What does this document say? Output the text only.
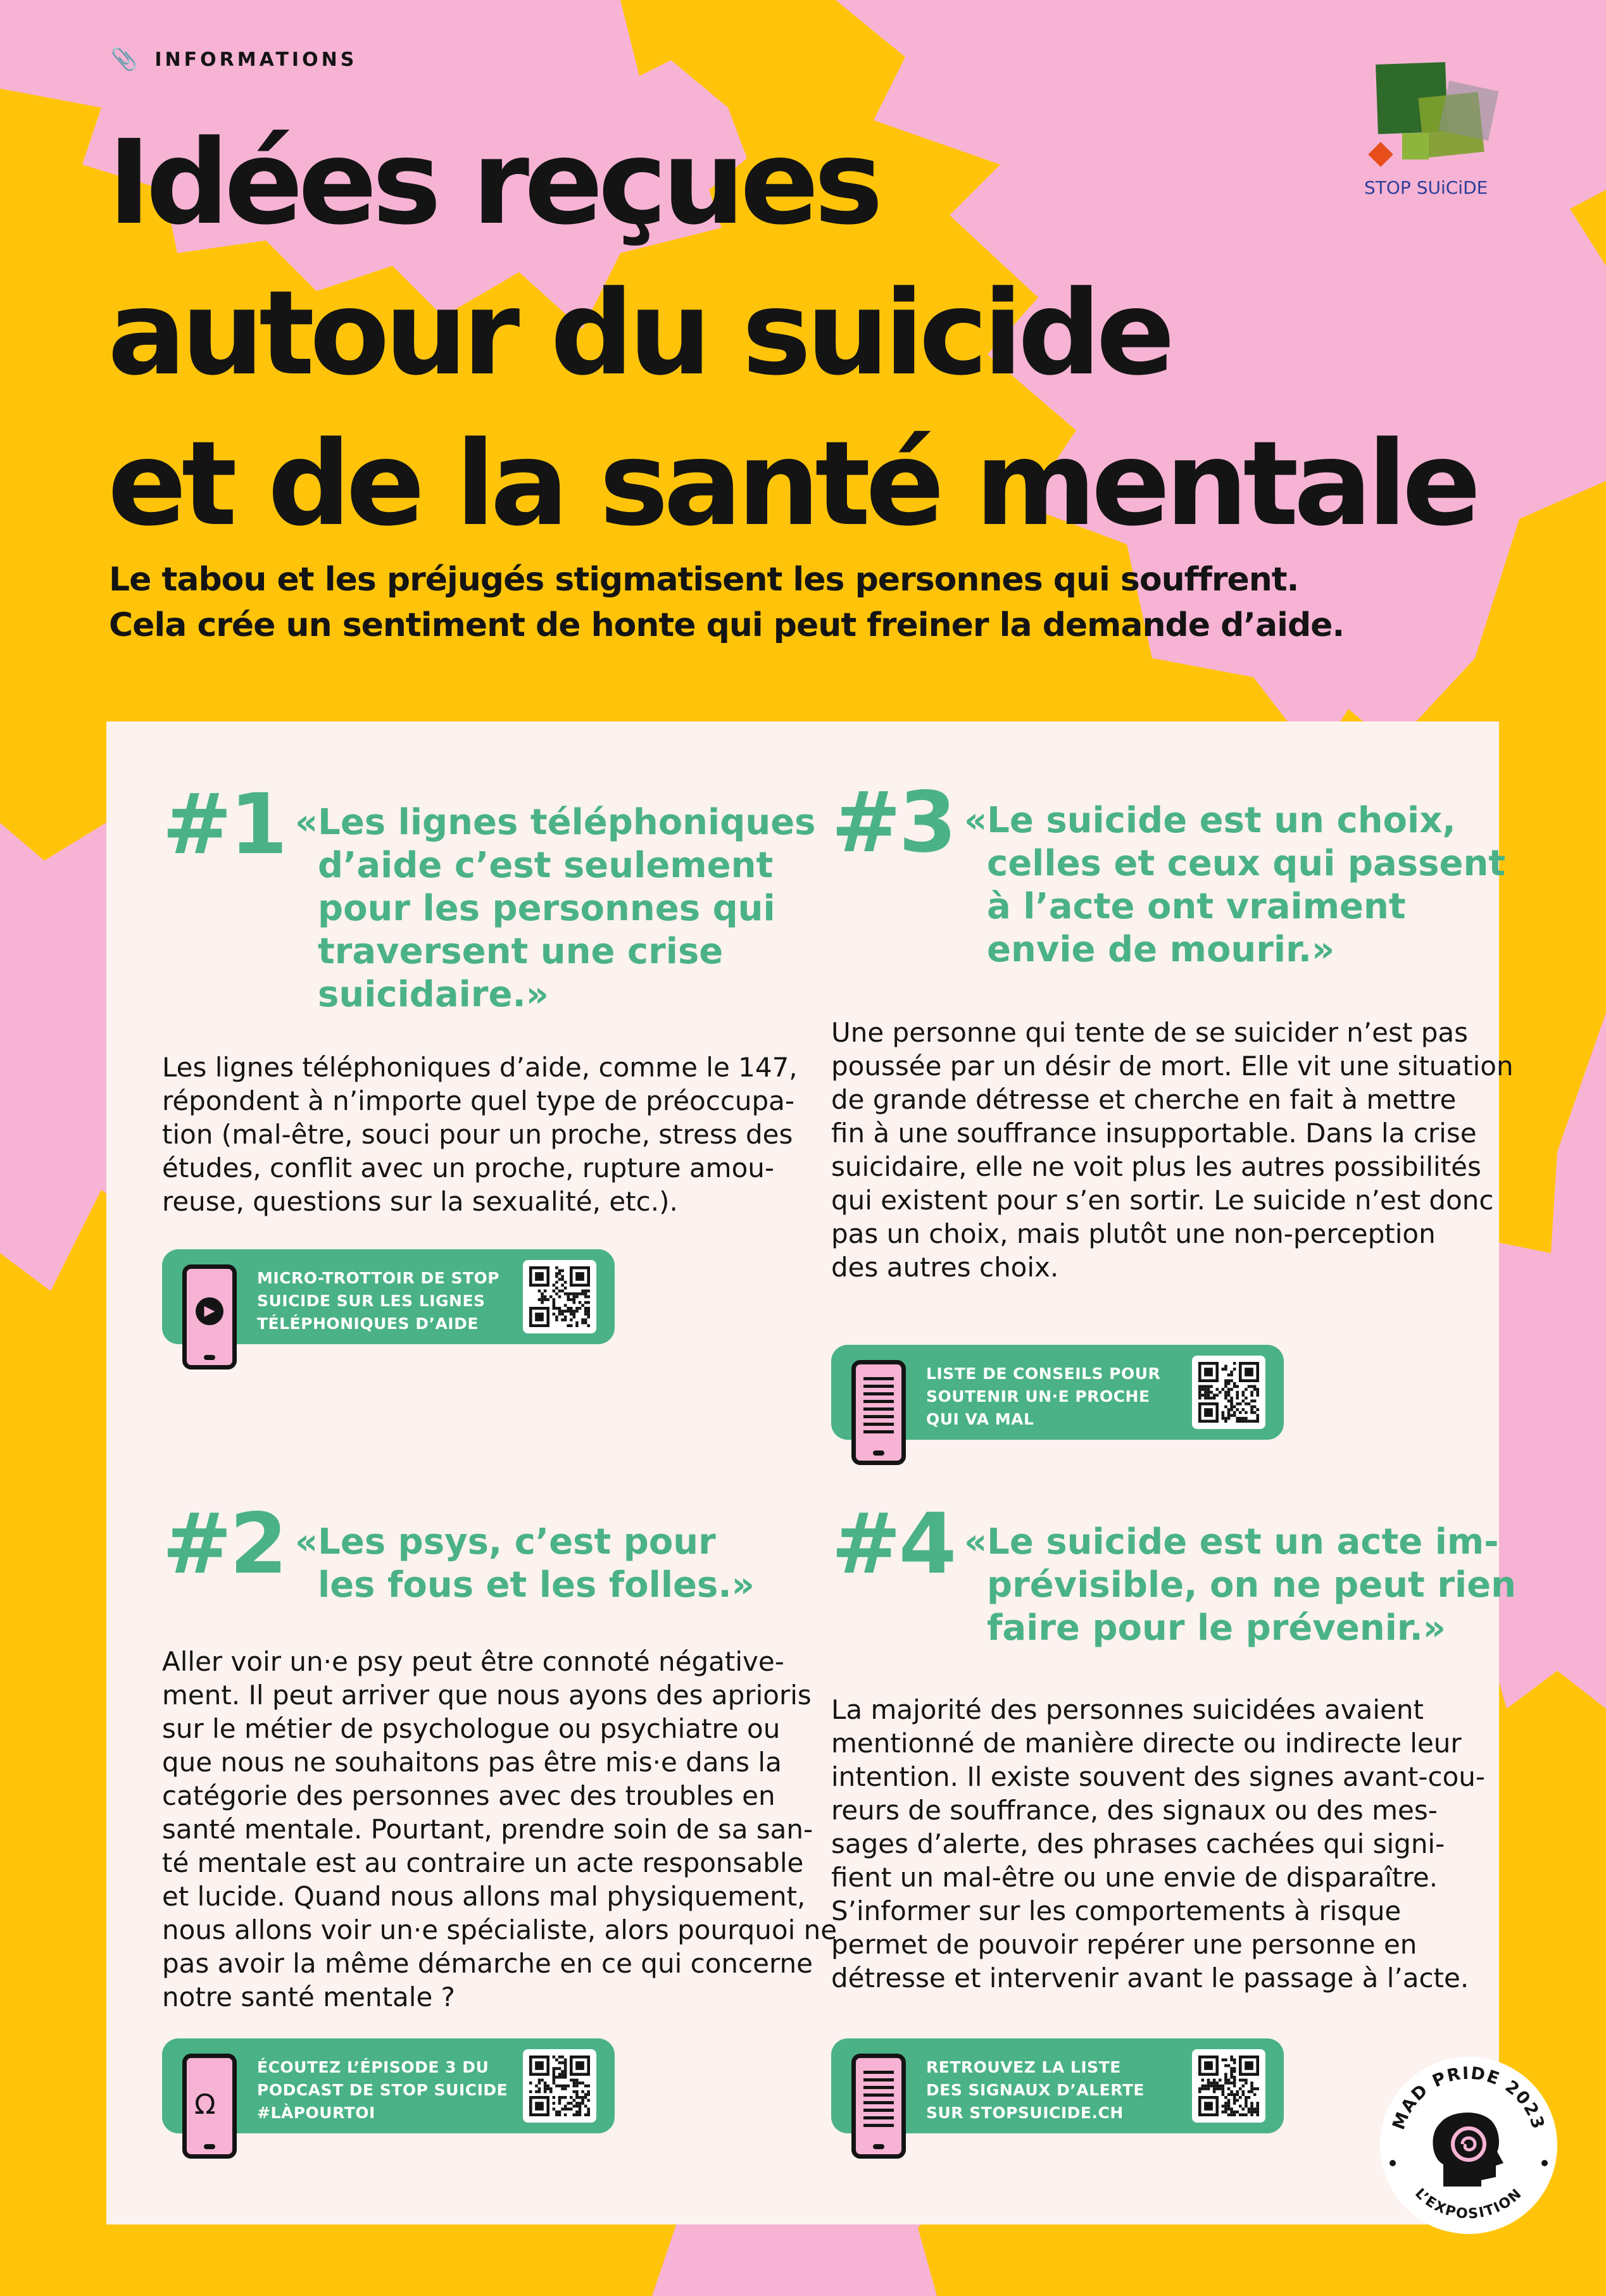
📎 INFORMATIONS
STOP SUiCiDE
Idées reçues
autour du suicide
et de la santé mentale
Le tabou et les préjugés stigmatisent les personnes qui souffrent.
Cela crée un sentiment de honte qui peut freiner la demande d’aide.
#1 «Les lignes téléphoniques
d’aide c’est seulement
pour les personnes qui
traversent une crise
suicidaire.»
Les lignes téléphoniques d’aide, comme le 147,
répondent à n’importe quel type de préoccupa-
tion (mal-être, souci pour un proche, stress des
études, conflit avec un proche, rupture amou-
reuse, questions sur la sexualité, etc.).
▶
MICRO-TROTTOIR DE STOP
SUICIDE SUR LES LIGNES
TÉLÉPHONIQUES D’AIDE
#3 «Le suicide est un choix,
celles et ceux qui passent
à l’acte ont vraiment
envie de mourir.»
Une personne qui tente de se suicider n’est pas
poussée par un désir de mort. Elle vit une situation
de grande détresse et cherche en fait à mettre
fin à une souffrance insupportable. Dans la crise
suicidaire, elle ne voit plus les autres possibilités
qui existent pour s’en sortir. Le suicide n’est donc
pas un choix, mais plutôt une non-perception
des autres choix.
LISTE DE CONSEILS POUR
SOUTENIR UN·E PROCHE
QUI VA MAL
#2 «Les psys, c’est pour
les fous et les folles.»
Aller voir un·e psy peut être connoté négative-
ment. Il peut arriver que nous ayons des aprioris
sur le métier de psychologue ou psychiatre ou
que nous ne souhaitons pas être mis·e dans la
catégorie des personnes avec des troubles en
santé mentale. Pourtant, prendre soin de sa san-
té mentale est au contraire un acte responsable
et lucide. Quand nous allons mal physiquement,
nous allons voir un·e spécialiste, alors pourquoi ne
pas avoir la même démarche en ce qui concerne
notre santé mentale ?
Ω
ÉCOUTEZ L’ÉPISODE 3 DU
PODCAST DE STOP SUICIDE
#LÀPOURTOI
#4 «Le suicide est un acte im-
prévisible, on ne peut rien
faire pour le prévenir.»
La majorité des personnes suicidées avaient
mentionné de manière directe ou indirecte leur
intention. Il existe souvent des signes avant-cou-
reurs de souffrance, des signaux ou des mes-
sages d’alerte, des phrases cachées qui signi-
fient un mal-être ou une envie de disparaître.
S’informer sur les comportements à risque
permet de pouvoir repérer une personne en
détresse et intervenir avant le passage à l’acte.
RETROUVEZ LA LISTE
DES SIGNAUX D’ALERTE
SUR STOPSUICIDE.CH	MAD PRIDE 2023
L’EXPOSITION
